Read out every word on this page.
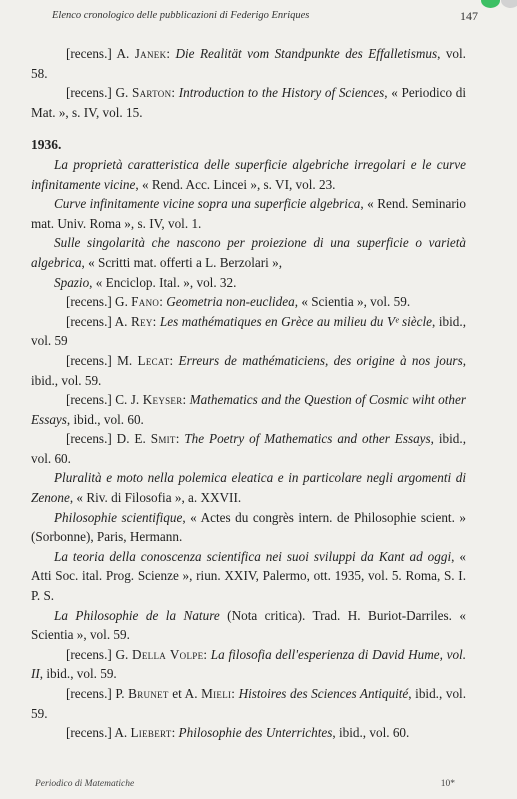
Elenco cronologico delle pubblicazioni di Federigo Enriques	147

[recens.] A. Janek: Die Realität vom Standpunkte des Effalletismus, vol. 58.

[recens.] G. Sarton: Introduction to the History of Sciences, « Periodico di Mat. », s. IV, vol. 15.

1936.

La proprietà caratteristica delle superficie algebriche irregolari e le curve infinitamente vicine, « Rend. Acc. Lincei », s. VI, vol. 23.

Curve infinitamente vicine sopra una superficie algebrica, « Rend. Seminario mat. Univ. Roma », s. IV, vol. 1.

Sulle singolarità che nascono per proiezione di una superficie o varietà algebrica, « Scritti mat. offerti a L. Berzolari »,

Spazio, « Enciclop. Ital. », vol. 32.

[recens.] G. Fano: Geometria non-euclidea, « Scientia », vol. 59.

[recens.] A. Rey: Les mathématiques en Grèce au milieu du Vᵉ siècle, ibid., vol. 59

[recens.] M. Lecat: Erreurs de mathématiciens, des origine à nos jours, ibid., vol. 59.

[recens.] C. J. Keyser: Mathematics and the Question of Cosmic wiht other Essays, ibid., vol. 60.

[recens.] D. E. Smit: The Poetry of Mathematics and other Essays, ibid., vol. 60.

Pluralità e moto nella polemica eleatica e in particolare negli argomenti di Zenone, « Riv. di Filosofia », a. XXVII.

Philosophie scientifique, « Actes du congrès intern. de Philosophie scient. » (Sorbonne), Paris, Hermann.

La teoria della conoscenza scientifica nei suoi sviluppi da Kant ad oggi, « Atti Soc. ital. Prog. Scienze », riun. XXIV, Palermo, ott. 1935, vol. 5. Roma, S. I. P. S.

La Philosophie de la Nature (Nota critica). Trad. H. Buriot-Darriles. « Scientia », vol. 59.

[recens.] G. Della Volpe: La filosofia dell'esperienza di David Hume, vol. II, ibid., vol. 59.

[recens.] P. Brunet et A. Mieli: Histoires des Sciences Antiquité, ibid., vol. 59.

[recens.] A. Liebert: Philosophie des Unterrichtes, ibid., vol. 60.

Periodico di Matematiche	10*
